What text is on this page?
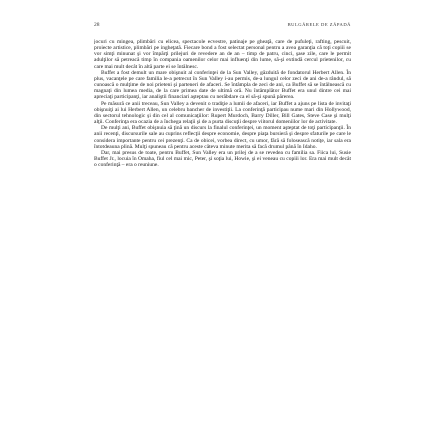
28	BULGĂRELE DE ZĂPADĂ

jocuri cu mingea, plimbări cu elicea, spectacole ecvestre, patinaje pe gheaţă, care de pufuleţi, rafting, pescuit, proiecte artistice, plimbări pe ingheţată. Fiecare bond a fost selectat personal pentru a avea garanţia că toţi copiii se vor simţi minunat şi vor împărţi prilejuri de revedere an de an – timp de patru, cinci, şase zile, care le permit adulţilor să petreacă timp în compania oamenilor celor mai influenţi din lume, să-şi extindă cercul prietenilor, cu care mai mult decât în altă parte ei se întâlnesc.

Buffet a fost demult un mare obişnuit al conferinţei de la Sun Valley, găzduită de fondatorul Herbert Allen. În plus, vacanţele pe care familia le-a petrecut în Sun Valley i-au permis, de-a lungul celor zeci de ani de-a rândul, să cunoască o mulţime de noi prieteni şi parteneri de afaceri. Se întâmpla de zeci de ani, ca Buffet să se întâlnească cu magnaţi din lumea media, de la care primea date de ultimă oră. Nu întâmplător Buffet era unul dintre cei mai apreciaţi participanţi, iar analiştii financiari aşteptau cu nerăbdare ca el să-şi spună părerea.

Pe măsură ce anii treceau, Sun Valley a devenit o tradiţie a lumii de afaceri, iar Buffet a ajuns pe lista de invitaţi obişnuiţi ai lui Herbert Allen, un celebru bancher de investiţii. La conferinţă participau nume mari din Hollywood, din sectorul tehnologic şi din cel al comunicaţiilor: Rupert Murdoch, Barry Diller, Bill Gates, Steve Case şi mulţi alţii. Conferinţa era ocazia de a închega relaţii şi de a purta discuţii despre viitorul domeniilor lor de activitate.

De mulţi ani, Buffet obişnuia să ţină un discurs la finalul conferinţei, un moment aşteptat de toţi participanţii. În anii recenţi, discursurile sale au cuprins reflecţii despre economie, despre piaţa bursieră şi despre sfaturile pe care le considera importante pentru cei prezenţi. Ca de obicei, vorbea direct, cu umor, fără să folosească notiţe, iar sala era întotdeauna plină. Mulţi spuneau că pentru aceste câteva minute merita să facă drumul până în Idaho.

Dar, mai presus de toate, pentru Buffet, Sun Valley era un prilej de a se revedea cu familia sa. Fiica lui, Susie Buffet Jr., locuia în Omaha, fiul cel mai mic, Peter, şi soţia lui, Howie, şi ei veneau cu copiii lor. Era mai mult decât o conferinţă – era o reuniune.
